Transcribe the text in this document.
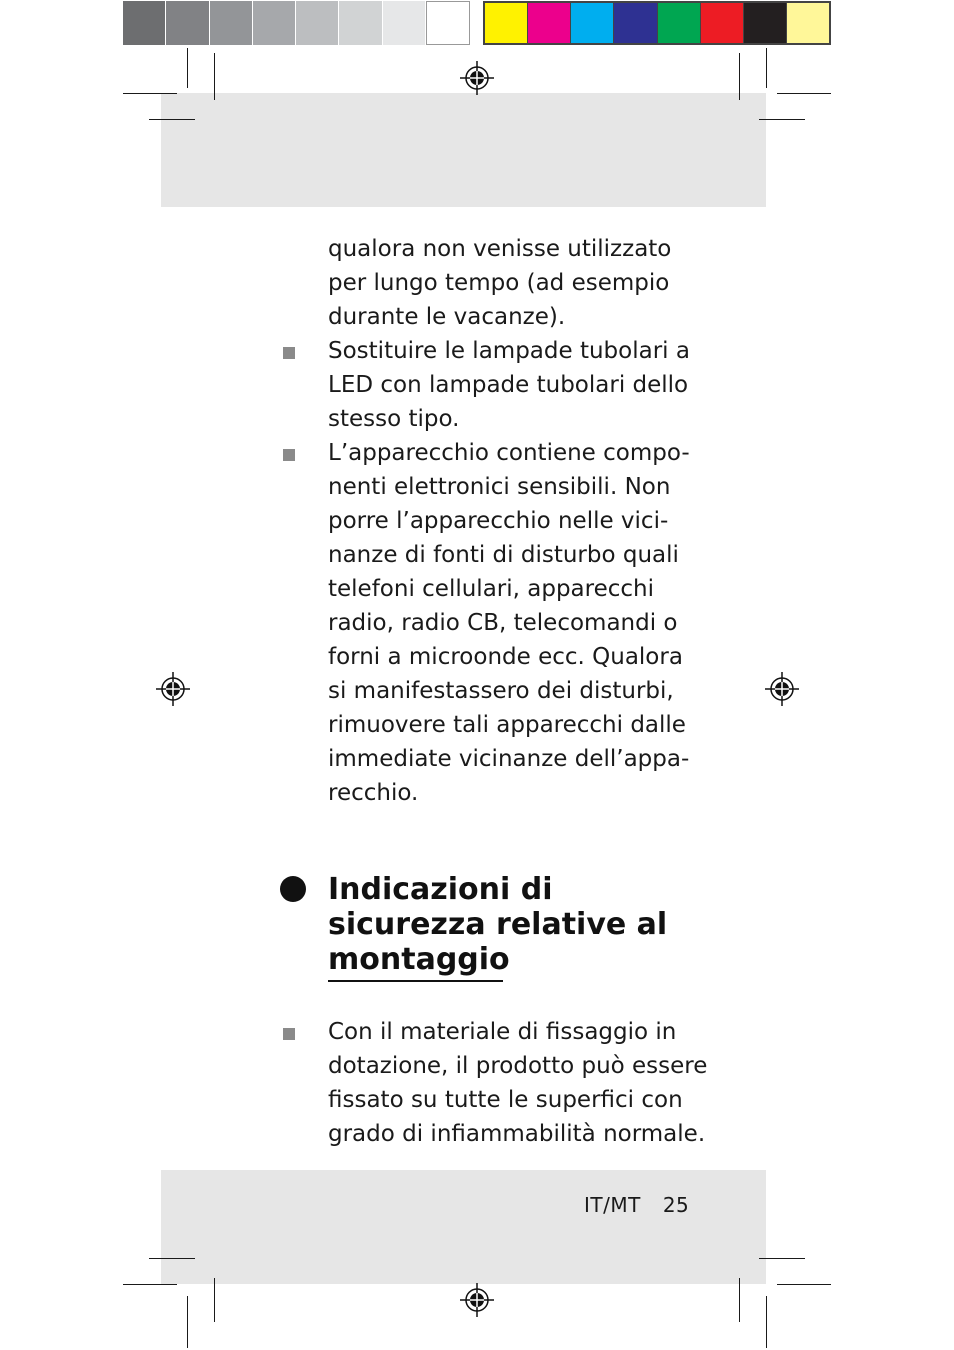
qualora non venisse utilizzato
per lungo tempo (ad esempio
durante le vacanze).
Sostituire le lampade tubolari a
LED con lampade tubolari dello
stesso tipo.
L’apparecchio contiene compo-
nenti elettronici sensibili. Non
porre l’apparecchio nelle vici-
nanze di fonti di disturbo quali
telefoni cellulari, apparecchi
radio, radio CB, telecomandi o
forni a microonde ecc. Qualora
si manifestassero dei disturbi,
rimuovere tali apparecchi dalle
immediate vicinanze dell’appa-
recchio.
Indicazioni di
sicurezza relative al
montaggio
Con il materiale di fissaggio in
dotazione, il prodotto può essere
fissato su tutte le superfici con
grado di infiammabilità normale.
IT/MT 25
